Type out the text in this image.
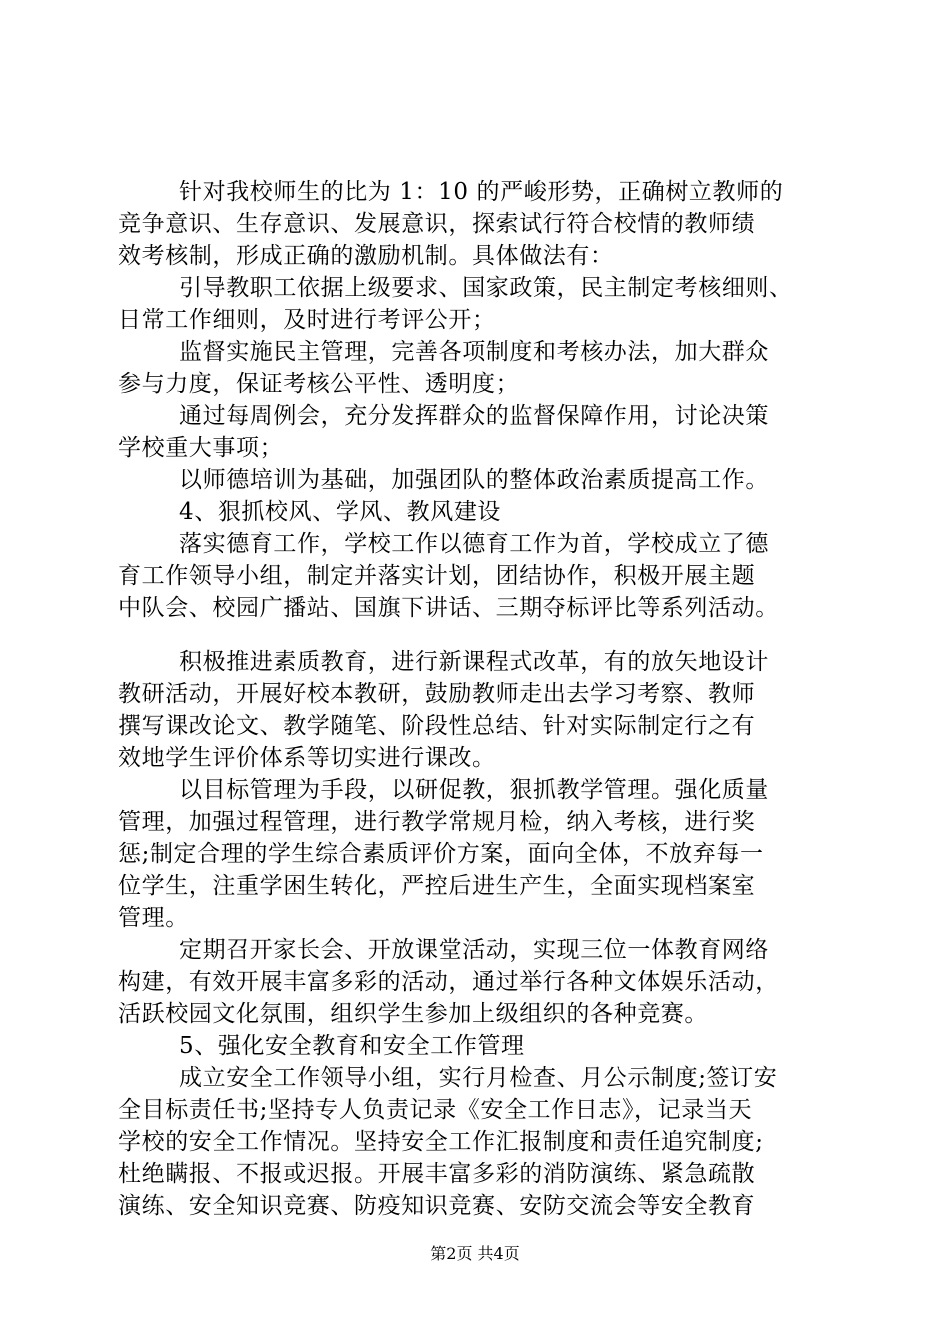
针对我校师生的比为 1：10 的严峻形势，正确树立教师的
竞争意识、生存意识、发展意识，探索试行符合校情的教师绩
效考核制，形成正确的激励机制。具体做法有：
引导教职工依据上级要求、国家政策，民主制定考核细则、
日常工作细则，及时进行考评公开；
监督实施民主管理，完善各项制度和考核办法，加大群众
参与力度，保证考核公平性、透明度；
通过每周例会，充分发挥群众的监督保障作用，讨论决策
学校重大事项；
以师德培训为基础，加强团队的整体政治素质提高工作。
4、狠抓校风、学风、教风建设
落实德育工作，学校工作以德育工作为首，学校成立了德
育工作领导小组，制定并落实计划，团结协作，积极开展主题
中队会、校园广播站、国旗下讲话、三期夺标评比等系列活动。
积极推进素质教育，进行新课程式改革，有的放矢地设计
教研活动，开展好校本教研，鼓励教师走出去学习考察、教师
撰写课改论文、教学随笔、阶段性总结、针对实际制定行之有
效地学生评价体系等切实进行课改。
以目标管理为手段，以研促教，狠抓教学管理。强化质量
管理，加强过程管理，进行教学常规月检，纳入考核，进行奖
惩;制定合理的学生综合素质评价方案，面向全体，不放弃每一
位学生，注重学困生转化，严控后进生产生，全面实现档案室
管理。
定期召开家长会、开放课堂活动，实现三位一体教育网络
构建，有效开展丰富多彩的活动，通过举行各种文体娱乐活动，
活跃校园文化氛围，组织学生参加上级组织的各种竞赛。
5、强化安全教育和安全工作管理
成立安全工作领导小组，实行月检查、月公示制度;签订安
全目标责任书;坚持专人负责记录《安全工作日志》，记录当天
学校的安全工作情况。坚持安全工作汇报制度和责任追究制度;
杜绝瞒报、不报或迟报。开展丰富多彩的消防演练、紧急疏散
演练、安全知识竞赛、防疫知识竞赛、安防交流会等安全教育
第2页 共4页
